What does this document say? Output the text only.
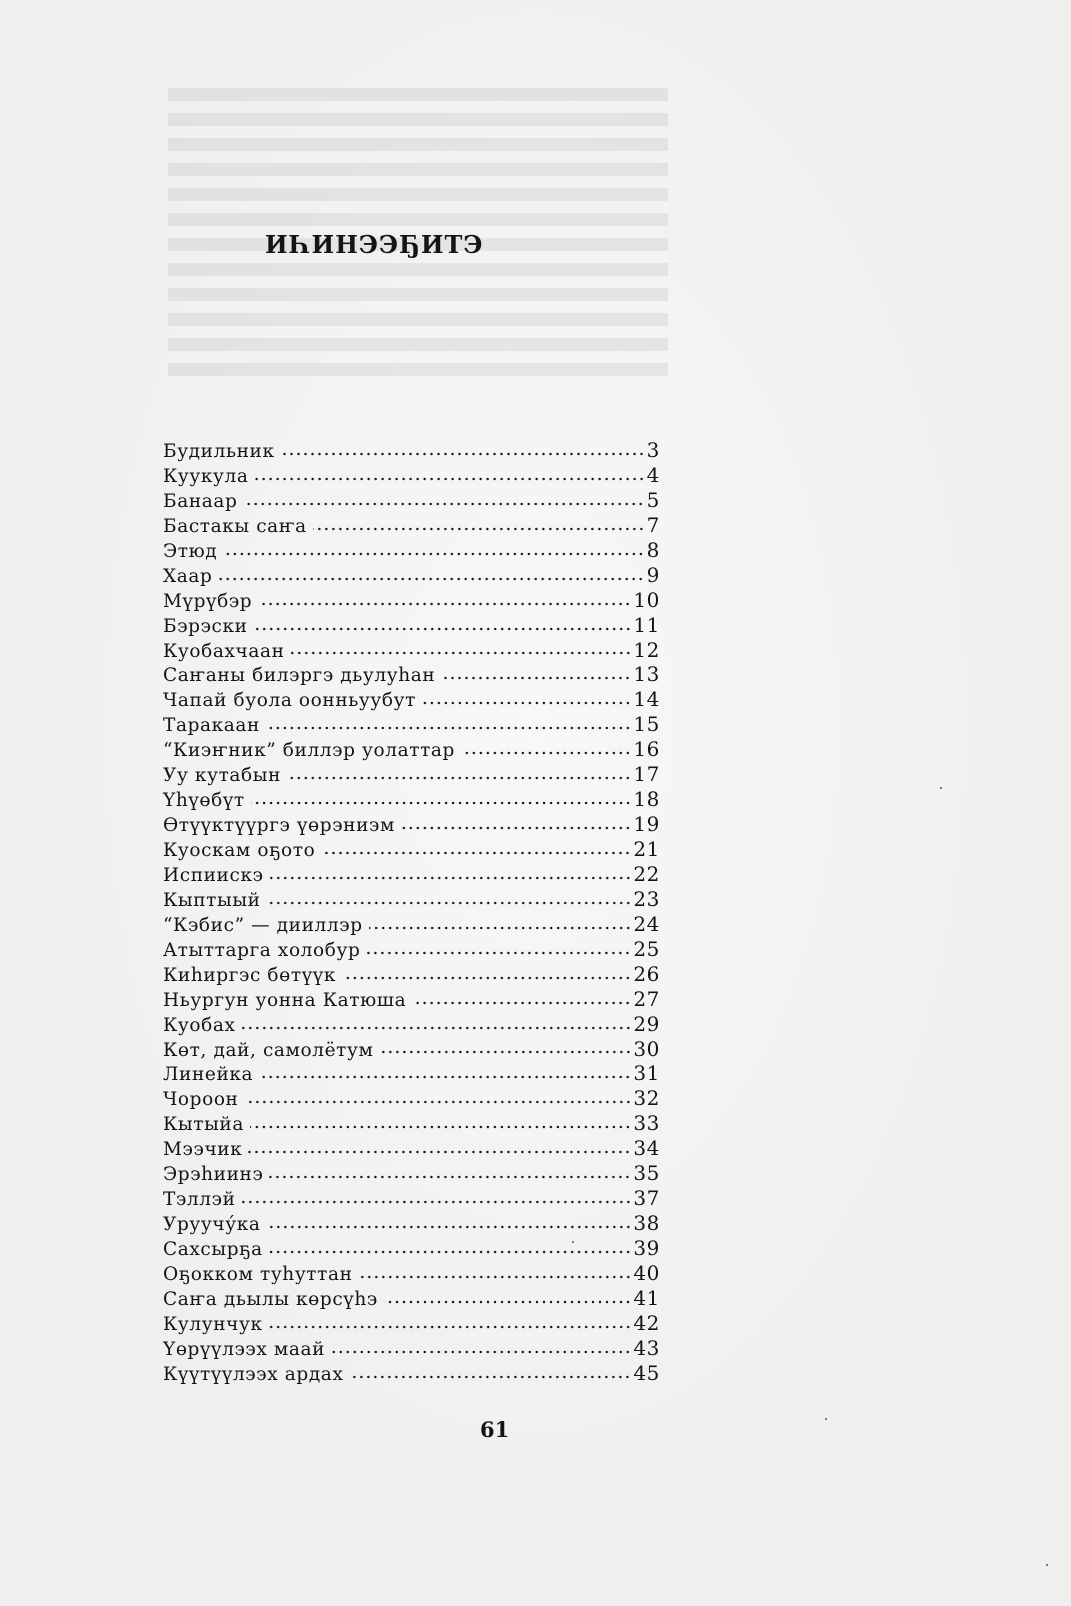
ИҺИНЭЭҔИТЭ
Будильник	3
Куукула	4
Банаар	5
Бастакы саҥа	7
Этюд	8
Хаар	9
Мүрүбэр	10
Бэрэски	11
Куобахчаан	12
Саҥаны билэргэ дьулуһан	13
Чапай буола оонньуубут	14
Таракаан	15
“Киэҥник” биллэр уолаттар	16
Уу кутабын	17
Үһүөбүт	18
Өтүүктүүргэ үөрэниэм	19
Куоскам оҕото	21
Испиискэ	22
Кыптыый	23
“Кэбис” — дииллэр	24
Атыттарга холобур	25
Киһиргэс бөтүүк	26
Ньургун уонна Катюша	27
Куобах	29
Көт, дай, самолётум	30
Линейка	31
Чороон	32
Кытыйа	33
Мээчик	34
Эрэһиинэ	35
Тэллэй	37
Уруучу́ка	38
Сахсырҕа	39
Оҕокком туһуттан	40
Саҥа дьылы көрсүһэ	41
Кулунчук	42
Үөрүүлээх маай	43
Күүтүүлээх ардах	45
61
